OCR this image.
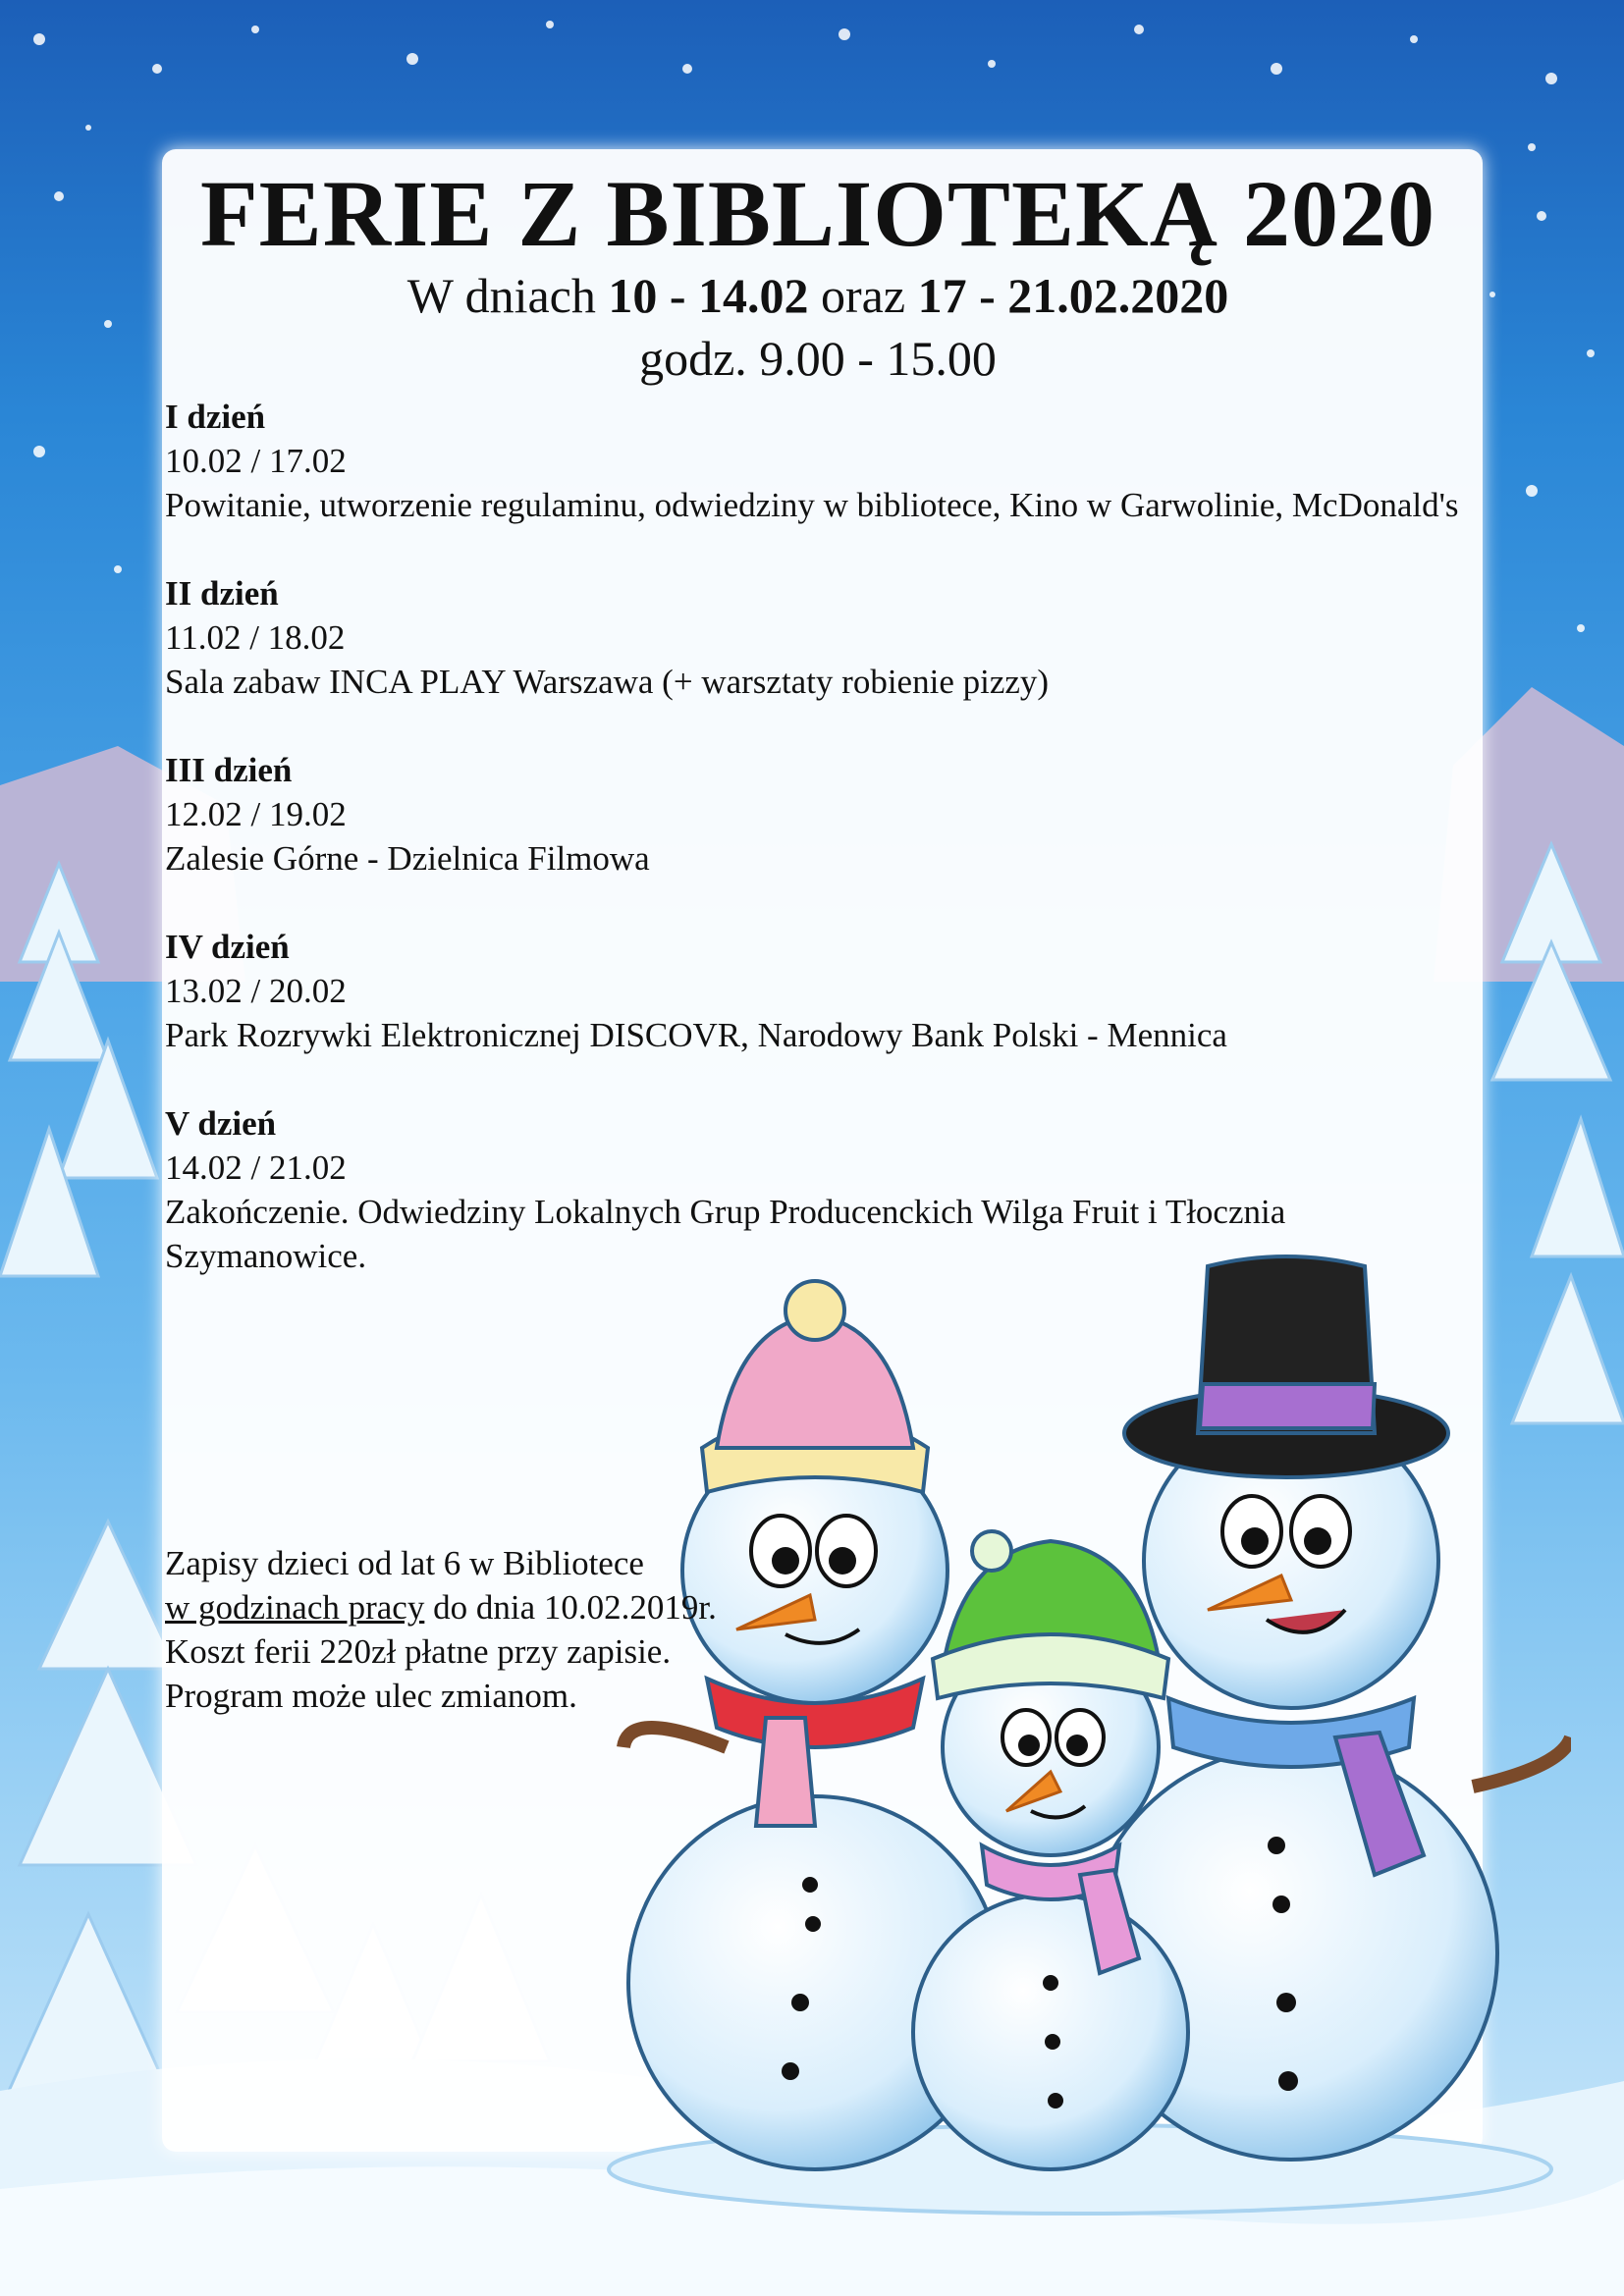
FERIE Z BIBLIOTEKĄ 2020

W dniach 10 - 14.02 oraz 17 - 21.02.2020

godz. 9.00 - 15.00

I dzień
10.02 / 17.02
Powitanie, utworzenie regulaminu, odwiedziny w bibliotece, Kino w Garwolinie, McDonald's
II dzień
11.02 / 18.02
Sala zabaw INCA PLAY Warszawa (+ warsztaty robienie pizzy)
III dzień
12.02 / 19.02
Zalesie Górne - Dzielnica Filmowa
IV dzień
13.02 / 20.02
Park Rozrywki Elektronicznej DISCOVR, Narodowy Bank Polski - Mennica
V dzień
14.02 / 21.02
Zakończenie. Odwiedziny Lokalnych Grup Producenckich Wilga Fruit i Tłocznia Szymanowice.
Zapisy dzieci od lat 6 w Bibliotece
w godzinach pracy do dnia 10.02.2019r.
Koszt ferii 220zł płatne przy zapisie.
Program może ulec zmianom.
